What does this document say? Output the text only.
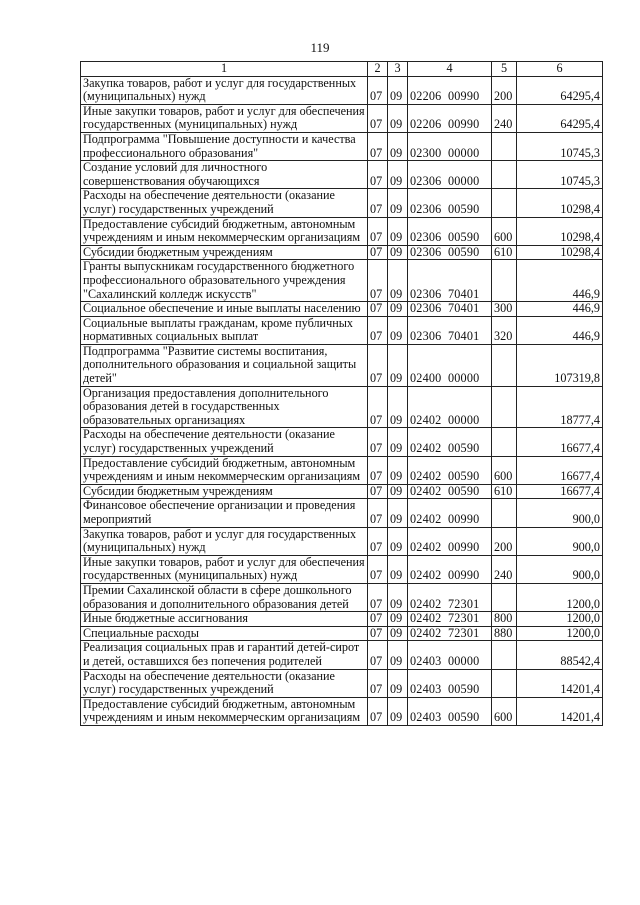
119
1	2	3	4	5	6
Закупка товаров, работ и услуг для государственных (муниципальных) нужд	07	09	02206  00990	200	64295,4
Иные закупки товаров, работ и услуг для обеспечения государственных (муниципальных) нужд	07	09	02206  00990	240	64295,4
Подпрограмма "Повышение доступности и качества профессионального образования"	07	09	02300  00000		10745,3
Создание условий для личностного совершенствования обучающихся	07	09	02306  00000		10745,3
Расходы на обеспечение деятельности (оказание услуг) государственных учреждений	07	09	02306  00590		10298,4
Предоставление субсидий бюджетным, автономным учреждениям и иным некоммерческим организациям	07	09	02306  00590	600	10298,4
Субсидии бюджетным учреждениям	07	09	02306  00590	610	10298,4
Гранты выпускникам государственного бюджетного профессионального образовательного учреждения "Сахалинский колледж искусств"	07	09	02306  70401		446,9
Социальное обеспечение и иные выплаты населению	07	09	02306  70401	300	446,9
Социальные выплаты гражданам, кроме публичных нормативных социальных выплат	07	09	02306  70401	320	446,9
Подпрограмма "Развитие системы воспитания, дополнительного образования и социальной защиты детей"	07	09	02400  00000		107319,8
Организация предоставления дополнительного образования детей в государственных образовательных организациях	07	09	02402  00000		18777,4
Расходы на обеспечение деятельности (оказание услуг) государственных учреждений	07	09	02402  00590		16677,4
Предоставление субсидий бюджетным, автономным учреждениям и иным некоммерческим организациям	07	09	02402  00590	600	16677,4
Субсидии бюджетным учреждениям	07	09	02402  00590	610	16677,4
Финансовое обеспечение организации и проведения мероприятий	07	09	02402  00990		900,0
Закупка товаров, работ и услуг для государственных (муниципальных) нужд	07	09	02402  00990	200	900,0
Иные закупки товаров, работ и услуг для обеспечения государственных (муниципальных) нужд	07	09	02402  00990	240	900,0
Премии Сахалинской области в сфере дошкольного образования и дополнительного образования детей	07	09	02402  72301		1200,0
Иные бюджетные ассигнования	07	09	02402  72301	800	1200,0
Специальные расходы	07	09	02402  72301	880	1200,0
Реализация социальных прав и гарантий детей-сирот и детей, оставшихся без попечения родителей	07	09	02403  00000		88542,4
Расходы на обеспечение деятельности (оказание услуг) государственных учреждений	07	09	02403  00590		14201,4
Предоставление субсидий бюджетным, автономным учреждениям и иным некоммерческим организациям	07	09	02403  00590	600	14201,4
